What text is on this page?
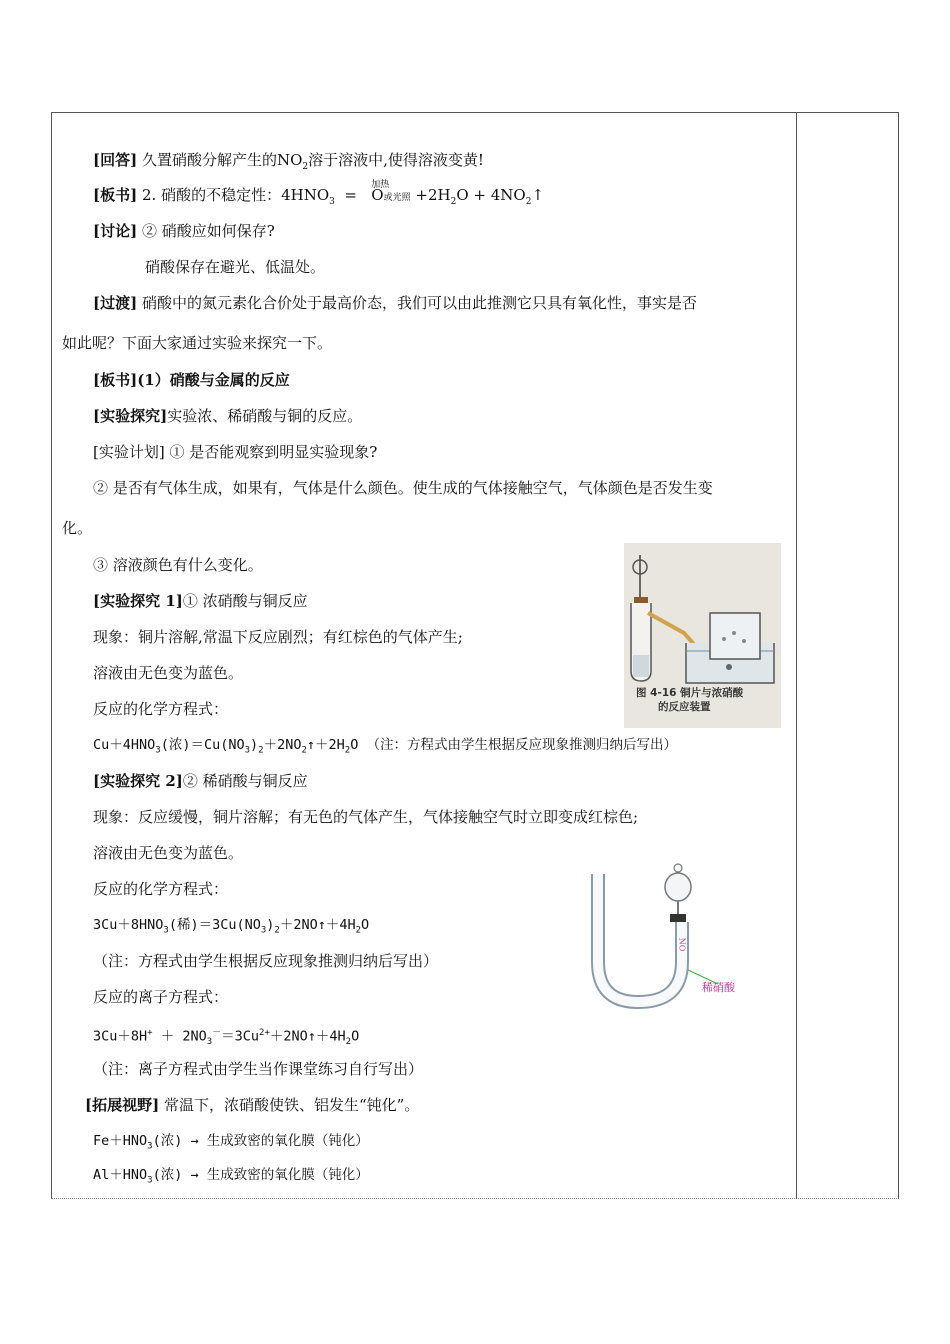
[回答] 久置硝酸分解产生的$NO_2$溶于溶液中,使得溶液变黄!
[板书] 2. 硝酸的不稳定性：$4HNO_3$ =
加热
O或光照 $+2H_2O$ + $4NO_2↑$
[讨论] ② 硝酸应如何保存?
硝酸保存在避光、低温处。
[过渡] 硝酸中的氮元素化合价处于最高价态，我们可以由此推测它只具有氧化性，事实是否
如此呢？下面大家通过实验来探究一下。
[板书](1）硝酸与金属的反应
[实验探究]实验浓、稀硝酸与铜的反应。
[实验计划] ① 是否能观察到明显实验现象?
② 是否有气体生成，如果有，气体是什么颜色。使生成的气体接触空气，气体颜色是否发生变
化。
③ 溶液颜色有什么变化。
[实验探究 1]① 浓硝酸与铜反应
现象：铜片溶解,常温下反应剧烈；有红棕色的气体产生;
溶液由无色变为蓝色。
反应的化学方程式：
$Cu+4HNO_3$(浓)$=Cu(NO_3)_2+2NO_2↑+2H_2O$ （注：方程式由学生根据反应现象推测归纳后写出）
[实验探究 2]② 稀硝酸与铜反应
现象：反应缓慢，铜片溶解；有无色的气体产生，气体接触空气时立即变成红棕色;
溶液由无色变为蓝色。
反应的化学方程式：
$3Cu+8HNO_3$(稀)$=3Cu(NO_3)_2+2NO↑+4H_2O$
（注：方程式由学生根据反应现象推测归纳后写出）
反应的离子方程式：
$3Cu+8H^+ + 2NO_3^-=3Cu^{2+}+2NO↑+4H_2O$
（注：离子方程式由学生当作课堂练习自行写出）
[拓展视野] 常温下，浓硝酸使铁、铝发生“钝化”。
$Fe+HNO_3$(浓) → 生成致密的氧化膜（钝化）
$Al+HNO_3$(浓) → 生成致密的氧化膜（钝化）
图 4-16 铜片与浓硝酸
的反应装置
NO
稀硝酸
